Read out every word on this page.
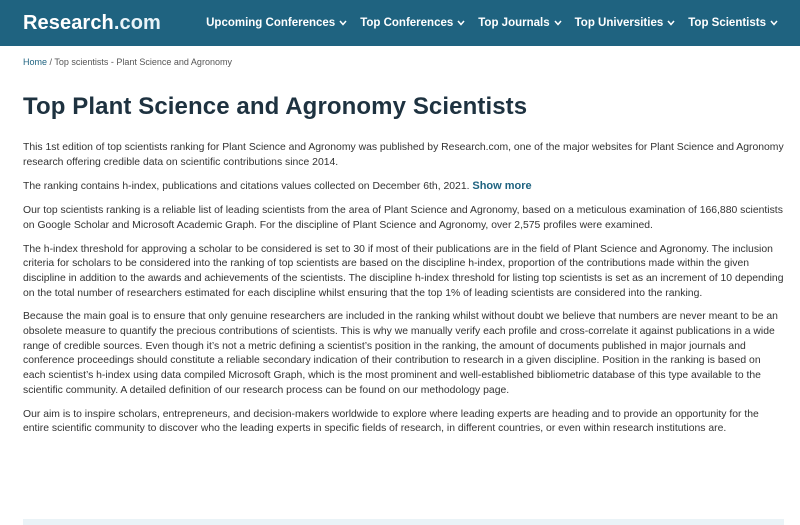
Research.com	Upcoming Conferences Top Conferences Top Journals Top Universities Top Scientists
Home / Top scientists - Plant Science and Agronomy
Top Plant Science and Agronomy Scientists

This 1st edition of top scientists ranking for Plant Science and Agronomy was published by Research.com, one of the major websites for Plant Science and Agronomy research offering credible data on scientific contributions since 2014.

The ranking contains h-index, publications and citations values collected on December 6th, 2021. Show more

Our top scientists ranking is a reliable list of leading scientists from the area of Plant Science and Agronomy, based on a meticulous examination of 166,880 scientists on Google Scholar and Microsoft Academic Graph. For the discipline of Plant Science and Agronomy, over 2,575 profiles were examined.

The h-index threshold for approving a scholar to be considered is set to 30 if most of their publications are in the field of Plant Science and Agronomy. The inclusion criteria for scholars to be considered into the ranking of top scientists are based on the discipline h-index, proportion of the contributions made within the given discipline in addition to the awards and achievements of the scientists. The discipline h-index threshold for listing top scientists is set as an increment of 10 depending on the total number of researchers estimated for each discipline whilst ensuring that the top 1% of leading scientists are considered into the ranking.

Because the main goal is to ensure that only genuine researchers are included in the ranking whilst without doubt we believe that numbers are never meant to be an obsolete measure to quantify the precious contributions of scientists. This is why we manually verify each profile and cross-correlate it against publications in a wide range of credible sources. Even though it’s not a metric defining a scientist’s position in the ranking, the amount of documents published in major journals and conference proceedings should constitute a reliable secondary indication of their contribution to research in a given discipline. Position in the ranking is based on each scientist’s h-index using data compiled Microsoft Graph, which is the most prominent and well-established bibliometric database of this type available to the scientific community. A detailed definition of our research process can be found on our methodology page.

Our aim is to inspire scholars, entrepreneurs, and decision-makers worldwide to explore where leading experts are heading and to provide an opportunity for the entire scientific community to discover who the leading experts in specific fields of research, in different countries, or even within research institutions are.
